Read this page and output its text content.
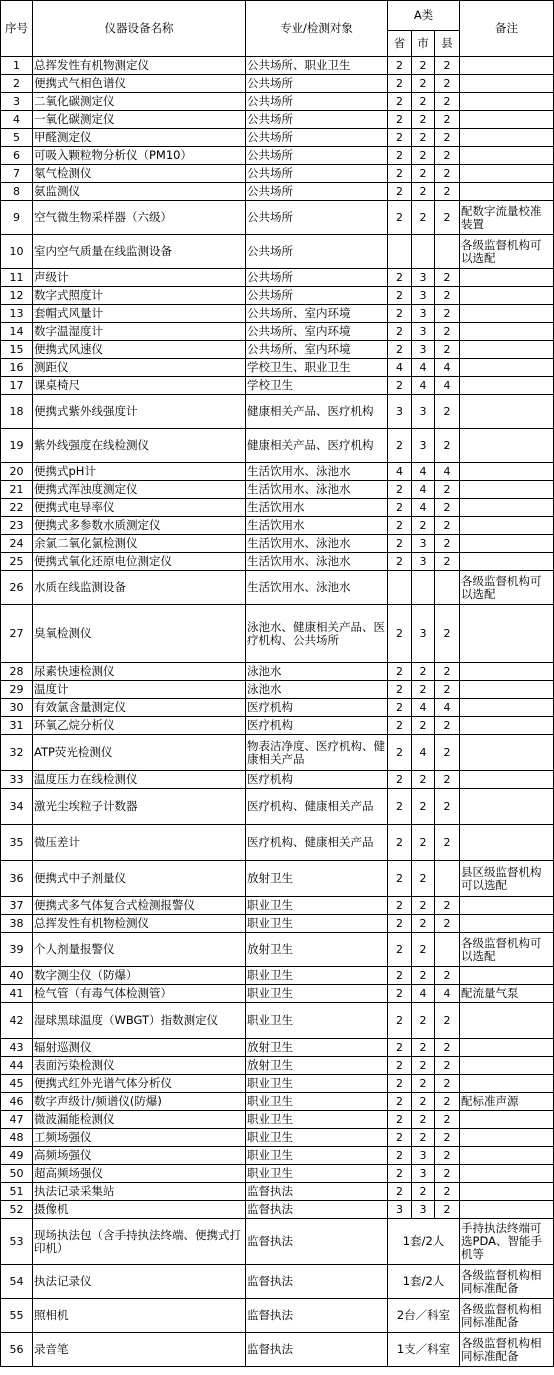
序号	仪器设备名称	专业/检测对象	A类			备注
			省	市	县	
1	总挥发性有机物测定仪	公共场所、职业卫生	2	2	2	
2	便携式气相色谱仪	公共场所	2	2	2	
3	二氧化碳测定仪	公共场所	2	2	2	
4	一氧化碳测定仪	公共场所	2	2	2	
5	甲醛测定仪	公共场所	2	2	2	
6	可吸入颗粒物分析仪（PM10）	公共场所	2	2	2	
7	氡气检测仪	公共场所	2	2	2	
8	氨监测仪	公共场所	2	2	2	
9	空气微生物采样器（六级）	公共场所	2	2	2	配数字流量校准装置
10	室内空气质量在线监测设备	公共场所				各级监督机构可以选配
11	声级计	公共场所	2	3	2	
12	数字式照度计	公共场所	2	3	2	
13	套帽式风量计	公共场所、室内环境	2	3	2	
14	数字温湿度计	公共场所、室内环境	2	3	2	
15	便携式风速仪	公共场所、室内环境	2	3	2	
16	测距仪	学校卫生、职业卫生	4	4	4	
17	课桌椅尺	学校卫生	2	4	4	
18	便携式紫外线强度计	健康相关产品、医疗机构	3	3	2	
19	紫外线强度在线检测仪	健康相关产品、医疗机构	2	3	2	
20	便携式pH计	生活饮用水、泳池水	4	4	4	
21	便携式浑浊度测定仪	生活饮用水、泳池水	2	4	2	
22	便携式电导率仪	生活饮用水	2	4	2	
23	便携式多参数水质测定仪	生活饮用水	2	2	2	
24	余氯二氧化氯检测仪	生活饮用水、泳池水	2	3	2	
25	便携式氧化还原电位测定仪	生活饮用水、泳池水	2	3	2	
26	水质在线监测设备	生活饮用水、泳池水				各级监督机构可以选配
27	臭氧检测仪	泳池水、健康相关产品、医疗机构、公共场所	2	3	2	
28	尿素快速检测仪	泳池水	2	2	2	
29	温度计	泳池水	2	2	2	
30	有效氯含量测定仪	医疗机构	2	4	4	
31	环氧乙烷分析仪	医疗机构	2	2	2	
32	ATP荧光检测仪	物表洁净度、医疗机构、健康相关产品	2	4	2	
33	温度压力在线检测仪	医疗机构	2	2	2	
34	激光尘埃粒子计数器	医疗机构、健康相关产品	2	2	2	
35	微压差计	医疗机构、健康相关产品	2	2	2	
36	便携式中子剂量仪	放射卫生	2	2		县区级监督机构可以选配
37	便携式多气体复合式检测报警仪	职业卫生	2	2	2	
38	总挥发性有机物检测仪	职业卫生	2	2	2	
39	个人剂量报警仪	放射卫生	2	2		各级监督机构可以选配
40	数字测尘仪（防爆）	职业卫生	2	2	2	
41	检气管（有毒气体检测管）	职业卫生	2	4	4	配流量气泵
42	湿球黑球温度（WBGT）指数测定仪	职业卫生	2	2	2	
43	辐射巡测仪	放射卫生	2	2	2	
44	表面污染检测仪	放射卫生	2	2	2	
45	便携式红外光谱气体分析仪	职业卫生	2	2	2	
46	数字声级计/频谱仪(防爆)	职业卫生	2	2	2	配标准声源
47	微波漏能检测仪	职业卫生	2	2	2	
48	工频场强仪	职业卫生	2	2	2	
49	高频场强仪	职业卫生	2	3	2	
50	超高频场强仪	职业卫生	2	3	2	
51	执法记录采集站	监督执法	2	2	2	
52	摄像机	监督执法	3	3	2	
53	现场执法包（含手持执法终端、便携式打印机）	监督执法	1套/2人			手持执法终端可选PDA、智能手机等
54	执法记录仪	监督执法	1套/2人			各级监督机构相同标准配备
55	照相机	监督执法	2台／科室			各级监督机构相同标准配备
56	录音笔	监督执法	1支／科室			各级监督机构相同标准配备
